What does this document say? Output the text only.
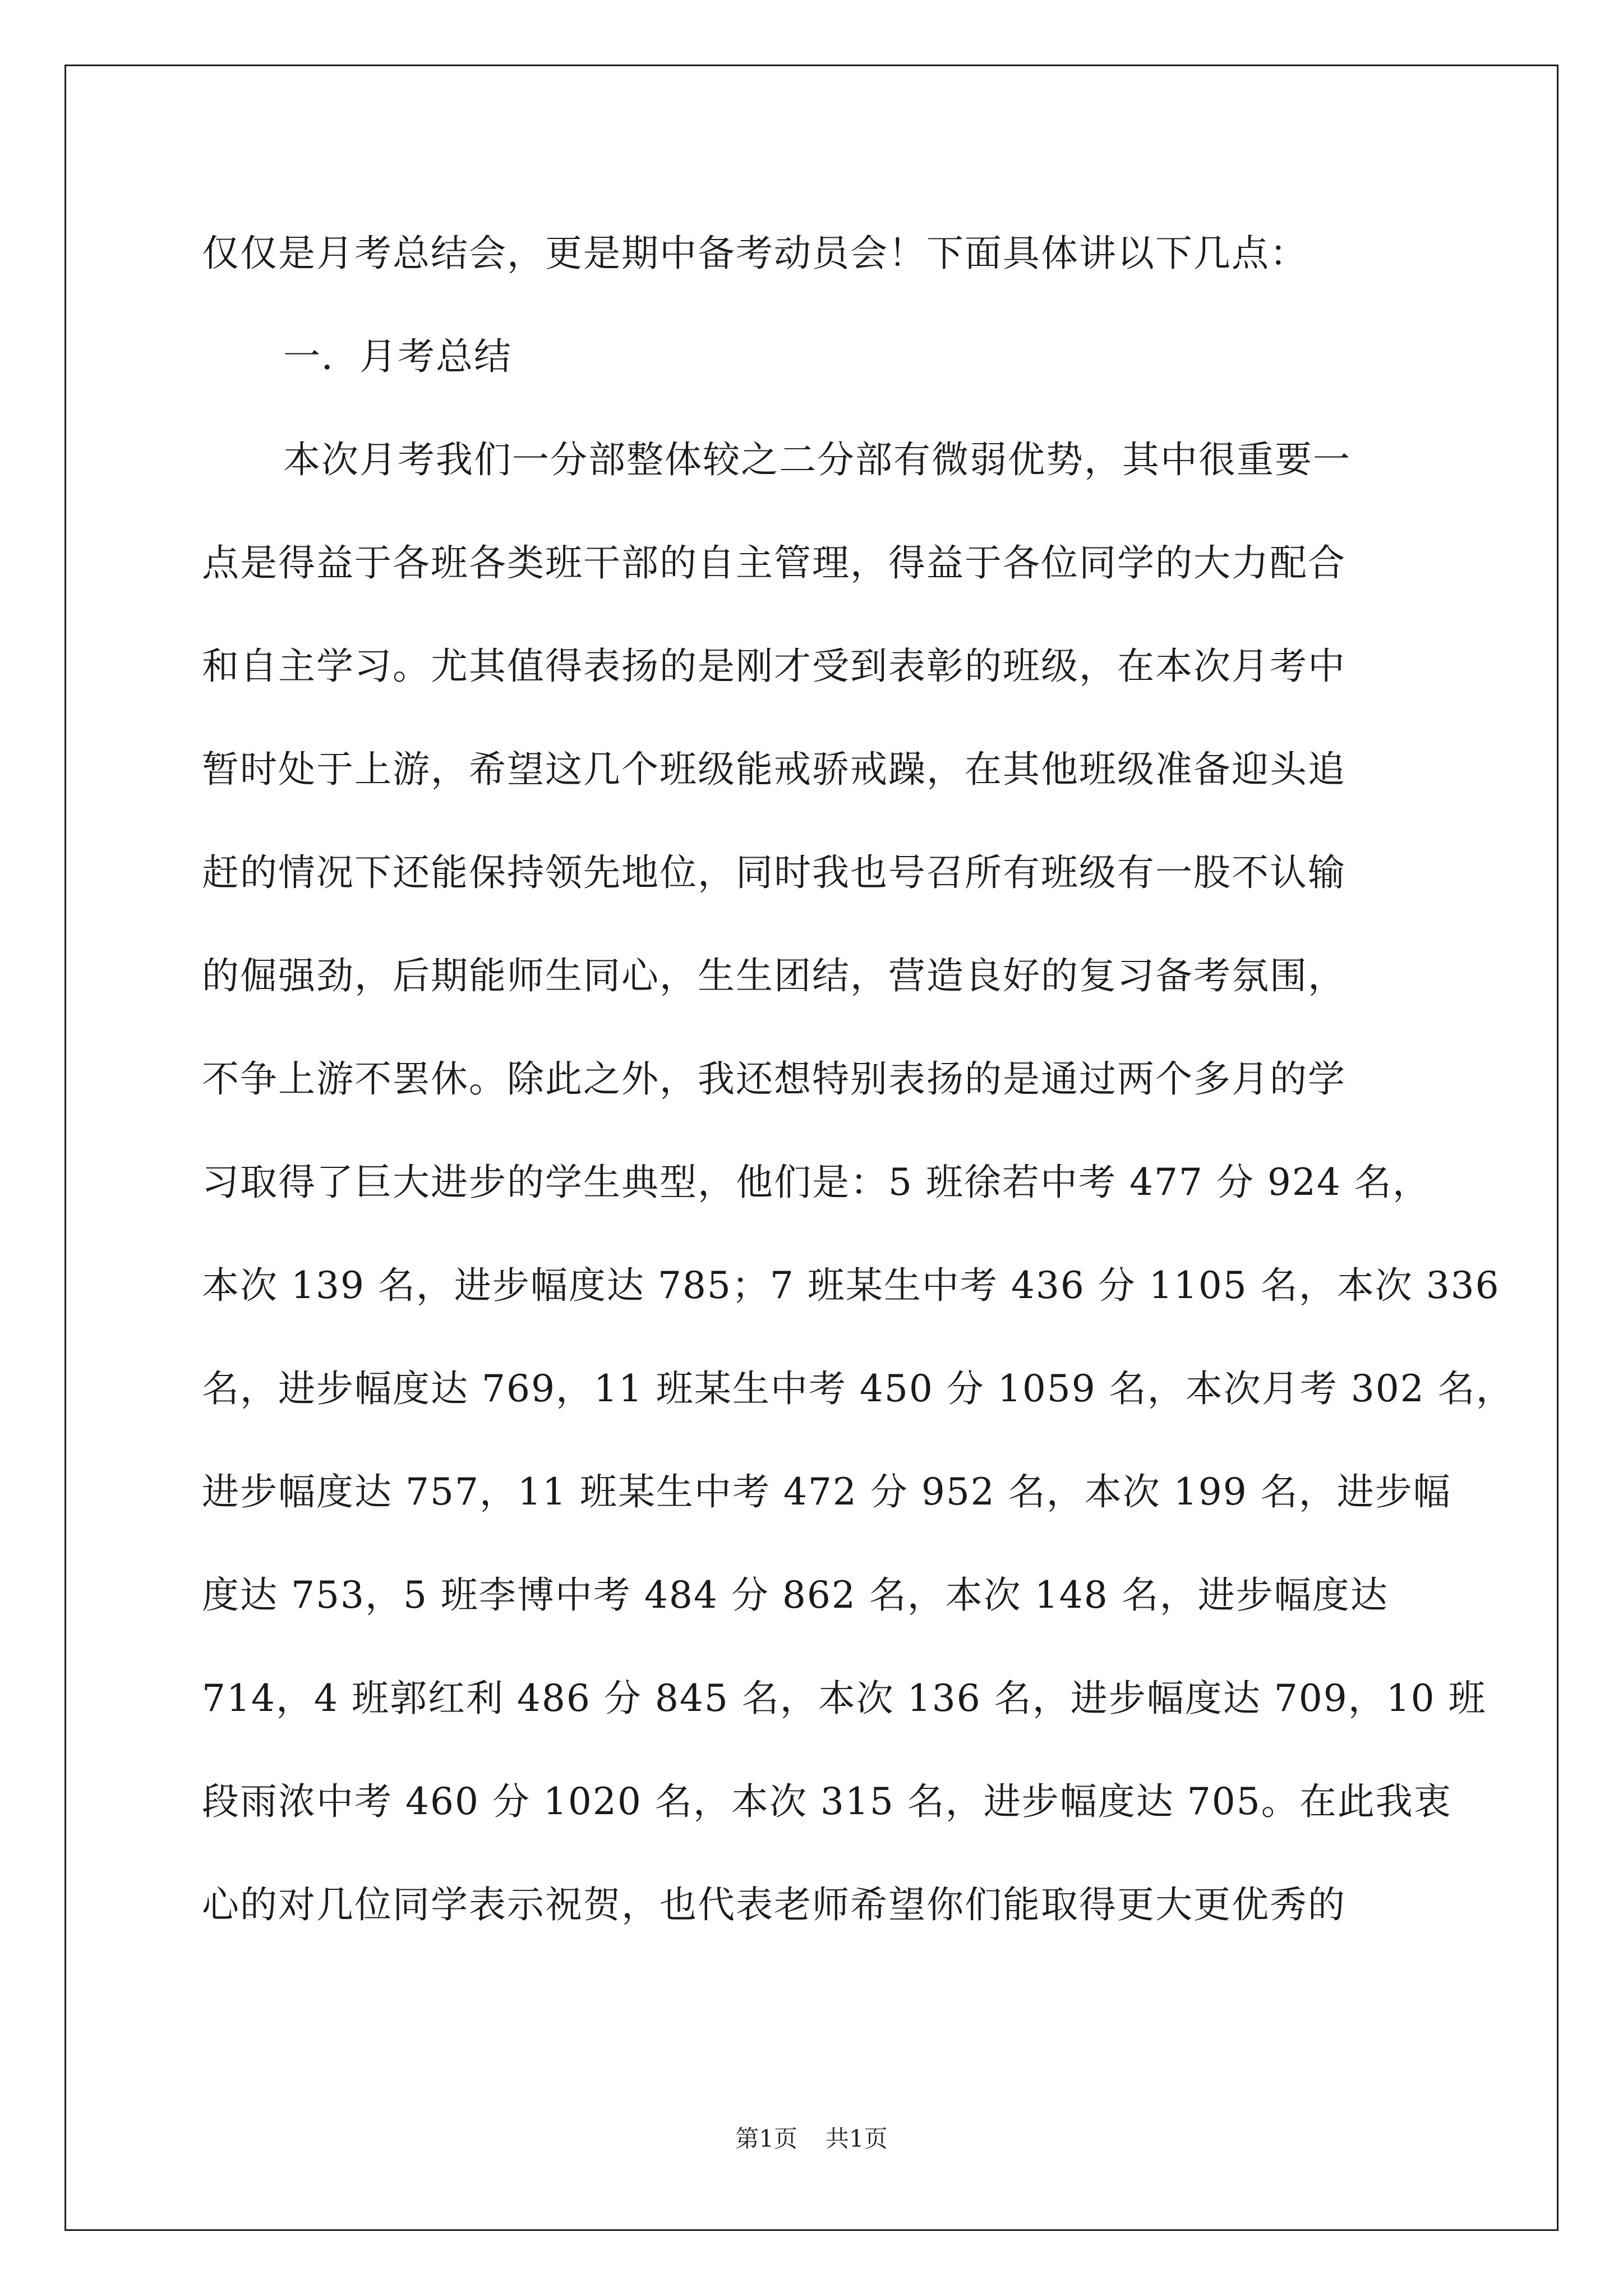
仅仅是月考总结会，更是期中备考动员会！下面具体讲以下几点：
一．月考总结
本次月考我们一分部整体较之二分部有微弱优势，其中很重要一
点是得益于各班各类班干部的自主管理，得益于各位同学的大力配合
和自主学习。尤其值得表扬的是刚才受到表彰的班级，在本次月考中
暂时处于上游，希望这几个班级能戒骄戒躁，在其他班级准备迎头追
赶的情况下还能保持领先地位，同时我也号召所有班级有一股不认输
的倔强劲，后期能师生同心，生生团结，营造良好的复习备考氛围，
不争上游不罢休。除此之外，我还想特别表扬的是通过两个多月的学
习取得了巨大进步的学生典型，他们是：5 班徐若中考 477 分 924 名，
本次 139 名，进步幅度达 785；7 班某生中考 436 分 1105 名，本次 336
名，进步幅度达 769，11 班某生中考 450 分 1059 名，本次月考 302 名，
进步幅度达 757，11 班某生中考 472 分 952 名，本次 199 名，进步幅
度达 753，5 班李博中考 484 分 862 名，本次 148 名，进步幅度达
714，4 班郭红利 486 分 845 名，本次 136 名，进步幅度达 709，10 班
段雨浓中考 460 分 1020 名，本次 315 名，进步幅度达 705。在此我衷
心的对几位同学表示祝贺，也代表老师希望你们能取得更大更优秀的
第1页 共1页
